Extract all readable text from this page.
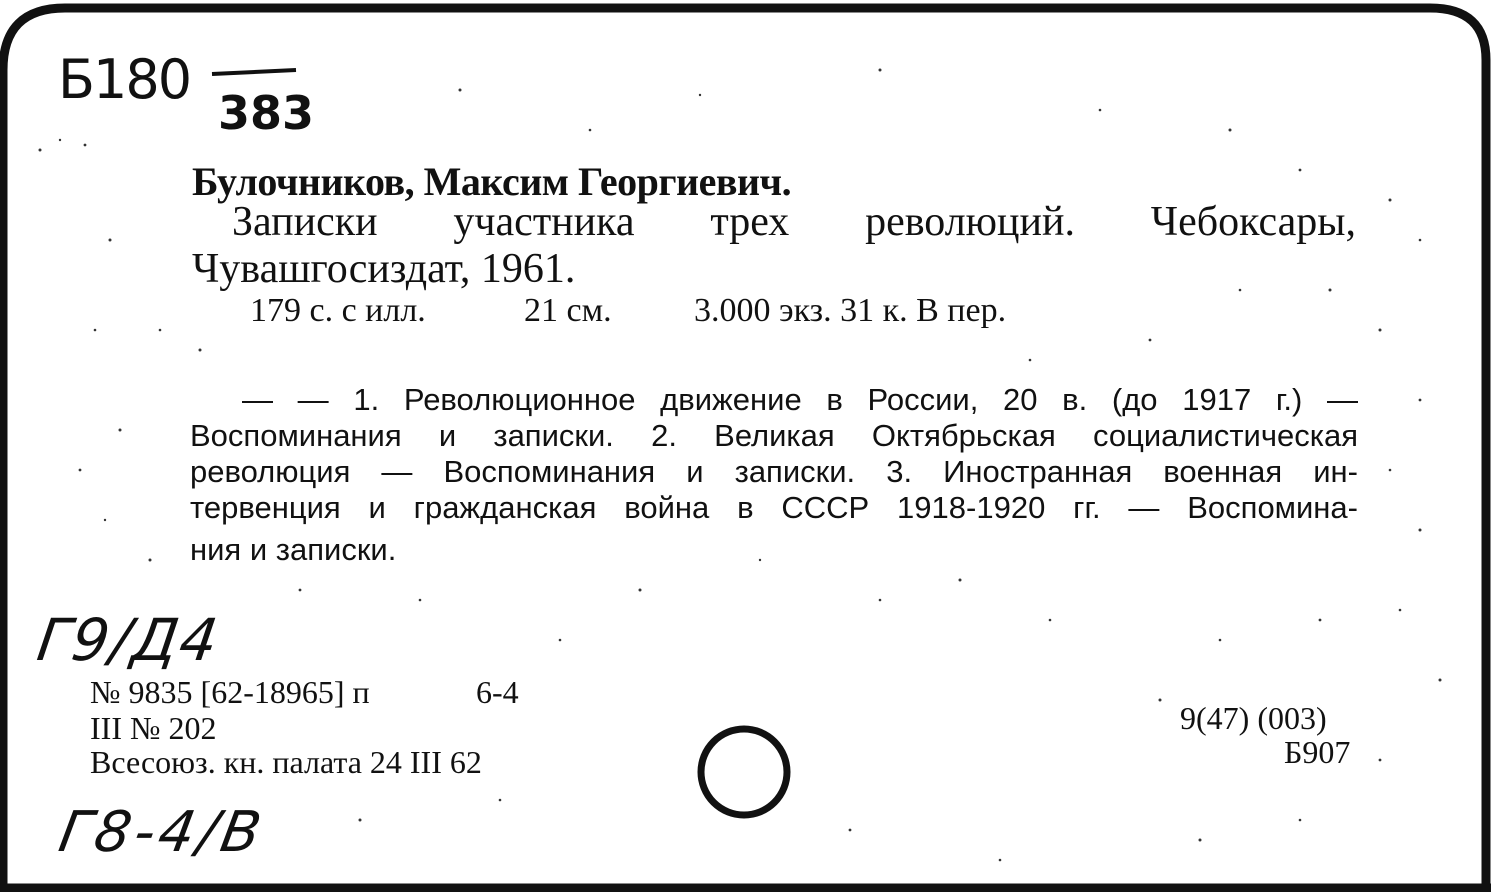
Б180
383
Булочников, Максим Георгиевич.
Записки участника трех революций. Чебоксары,
Чувашгосиздат, 1961.
179 с. с илл.	21 см. 3.000 экз. 31 к. В пер.
— — 1. Революционное движение в России, 20 в. (до 1917 г.) —
Воспоминания и записки. 2. Великая Октябрьская социалистическая
революция — Воспоминания и записки. 3. Иностранная военная ин-
тервенция и гражданская война в СССР 1918-1920 гг. — Воспомина-
ния и записки.
Г9/Д4
№ 9835 [62-18965] п	6-4
III № 202
Всесоюз. кн. палата 24 III 62
9(47) (003)
Б907
Г8-4/В
